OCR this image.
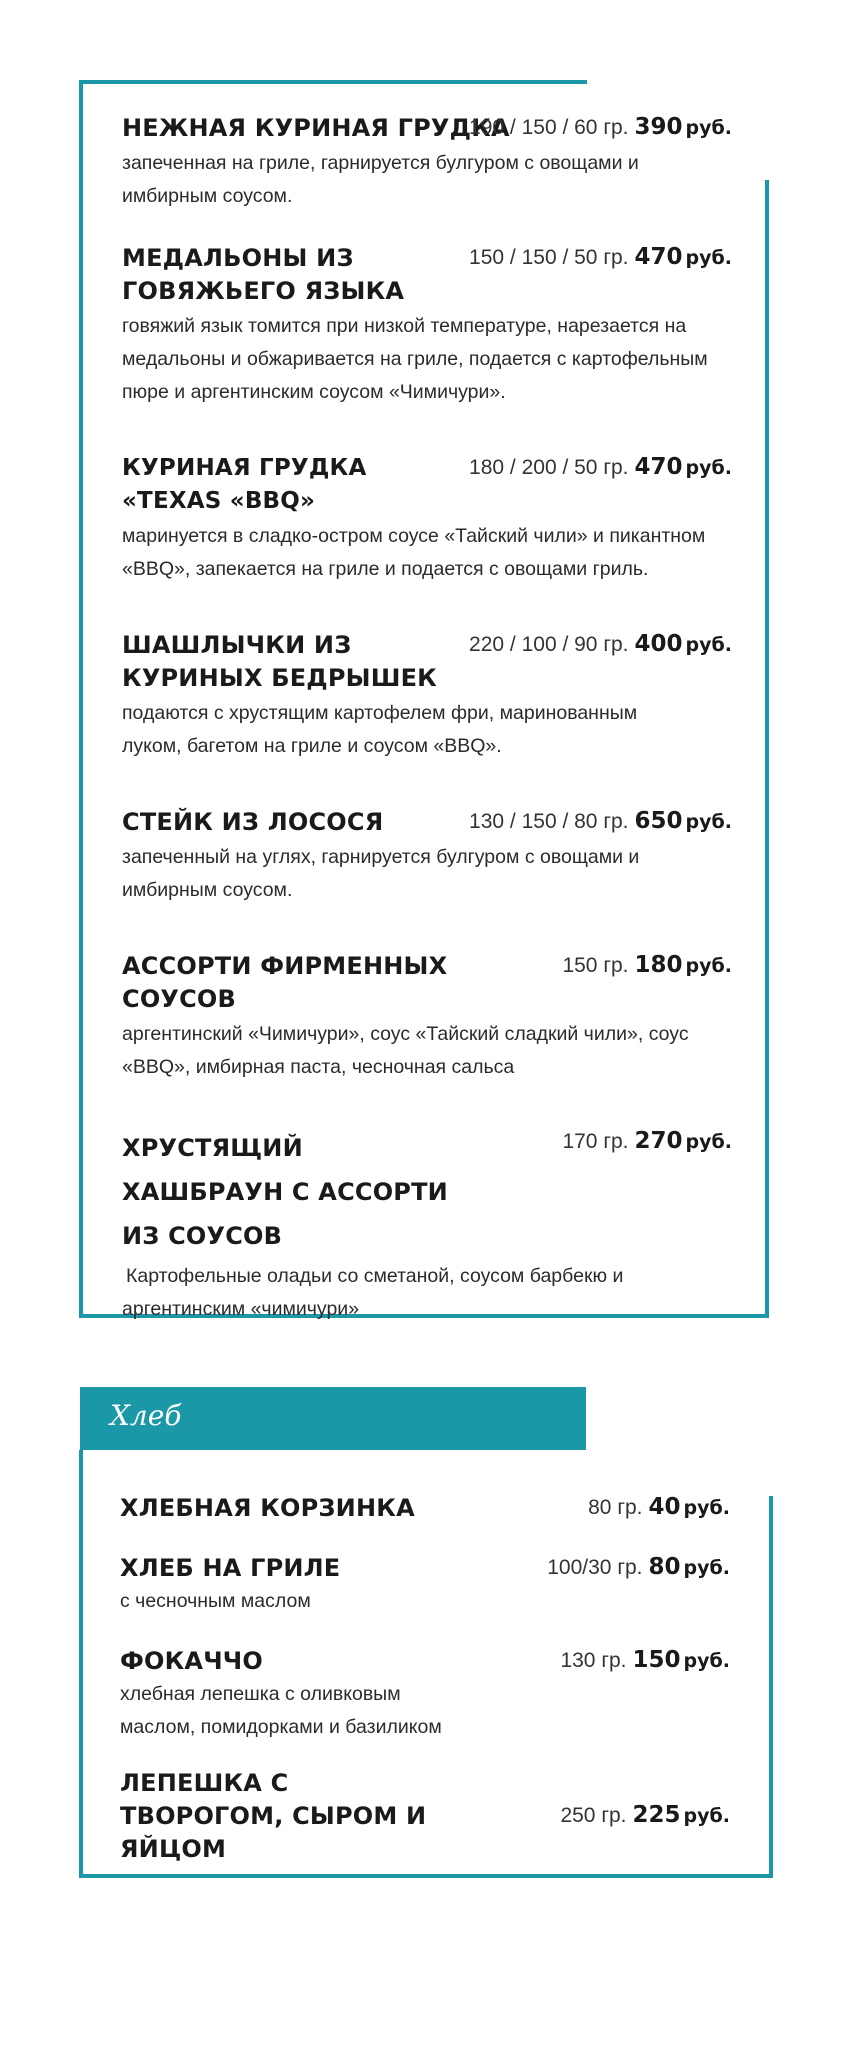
НЕЖНАЯ КУРИНАЯ ГРУДКА
190 / 150 / 60 гр. 390 руб.
запеченная на гриле, гарнируется булгуром с овощами и имбирным соусом.
МЕДАЛЬОНЫ ИЗ ГОВЯЖЬЕГО ЯЗЫКА
150 / 150 / 50 гр. 470 руб.
говяжий язык томится при низкой температуре, нарезается на медальоны и обжаривается на гриле, подается с картофельным пюре и аргентинским соусом «Чимичури».
КУРИНАЯ ГРУДКА «TEXAS «BBQ»
180 / 200 / 50 гр. 470 руб.
маринуется в сладко-остром соусе «Тайский чили» и пикантном «BBQ», запекается на гриле и подается с овощами гриль.
ШАШЛЫЧКИ ИЗ КУРИНЫХ БЕДРЫШЕК
220 / 100 / 90 гр. 400 руб.
подаются с хрустящим картофелем фри, маринованным луком, багетом на гриле и соусом «BBQ».
СТЕЙК ИЗ ЛОСОСЯ	130 / 150 / 80 гр. 650 руб.
запеченный на углях, гарнируется булгуром с овощами и имбирным соусом.
АССОРТИ ФИРМЕННЫХ СОУСОВ
150 гр. 180 руб.
аргентинский «Чимичури», соус «Тайский сладкий чили», соус «BBQ», имбирная паста, чесночная сальса
ХРУСТЯЩИЙ ХАШБРАУН С АССОРТИ ИЗ СОУСОВ
170 гр. 270 руб.
Картофельные оладьи со сметаной, соусом барбекю и аргентинским «чимичури»
Хлеб
ХЛЕБНАЯ КОРЗИНКА	80 гр. 40 руб.
ХЛЕБ НА ГРИЛЕ	100/30 гр. 80 руб.
с чесночным маслом
ФОКАЧЧО	130 гр. 150 руб.
хлебная лепешка с оливковым маслом, помидорками и базиликом
ЛЕПЕШКА С ТВОРОГОМ, СЫРОМ И ЯЙЦОМ
250 гр. 225 руб.
